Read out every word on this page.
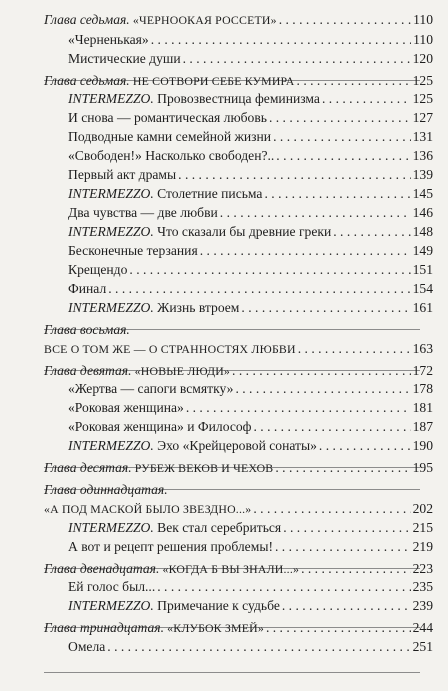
Глава седьмая. «ЧЕРНООКАЯ РОССЕТИ» . . .	110
«Черненькая» . . .	110
Мистические души . . .	120
Глава седьмая. НЕ СОТВОРИ СЕБЕ КУМИРА . . .	125
INTERMEZZO. Провозвестница феминизма . . .	125
И снова — романтическая любовь . . .	127
Подводные камни семейной жизни . . .	131
«Свободен!» Насколько свободен?.. . . .	136
Первый акт драмы . . .	139
INTERMEZZO. Столетние письма . . .	145
Два чувства — две любви . . .	146
INTERMEZZO. Что сказали бы древние греки . . .	148
Бесконечные терзания . . .	149
Крещендо . . .	151
Финал . . .	154
INTERMEZZO. Жизнь втроем . . .	161
Глава восьмая.
ВСЕ О ТОМ ЖЕ — О СТРАННОСТЯХ ЛЮБВИ . . .	163
Глава девятая. «НОВЫЕ ЛЮДИ» . . .	172
«Жертва — сапоги всмятку» . . .	178
«Роковая женщина» . . .	181
«Роковая женщина» и Философ . . .	187
INTERMEZZO. Эхо «Крейцеровой сонаты» . . .	190
Глава десятая. РУБЕЖ ВЕКОВ И ЧЕХОВ . . .	195
Глава одиннадцатая.
«А ПОД МАСКОЙ БЫЛО ЗВЕЗДНО...» . . .	202
INTERMEZZO. Век стал серебриться . . .	215
А вот и рецепт решения проблемы! . . .	219
Глава двенадцатая. «КОГДА Б ВЫ ЗНАЛИ...» . . .	223
Ей голос был... . . .	235
INTERMEZZO. Примечание к судьбе . . .	239
Глава тринадцатая. «КЛУБОК ЗМЕЙ» . . .	244
Омела . . .	251
